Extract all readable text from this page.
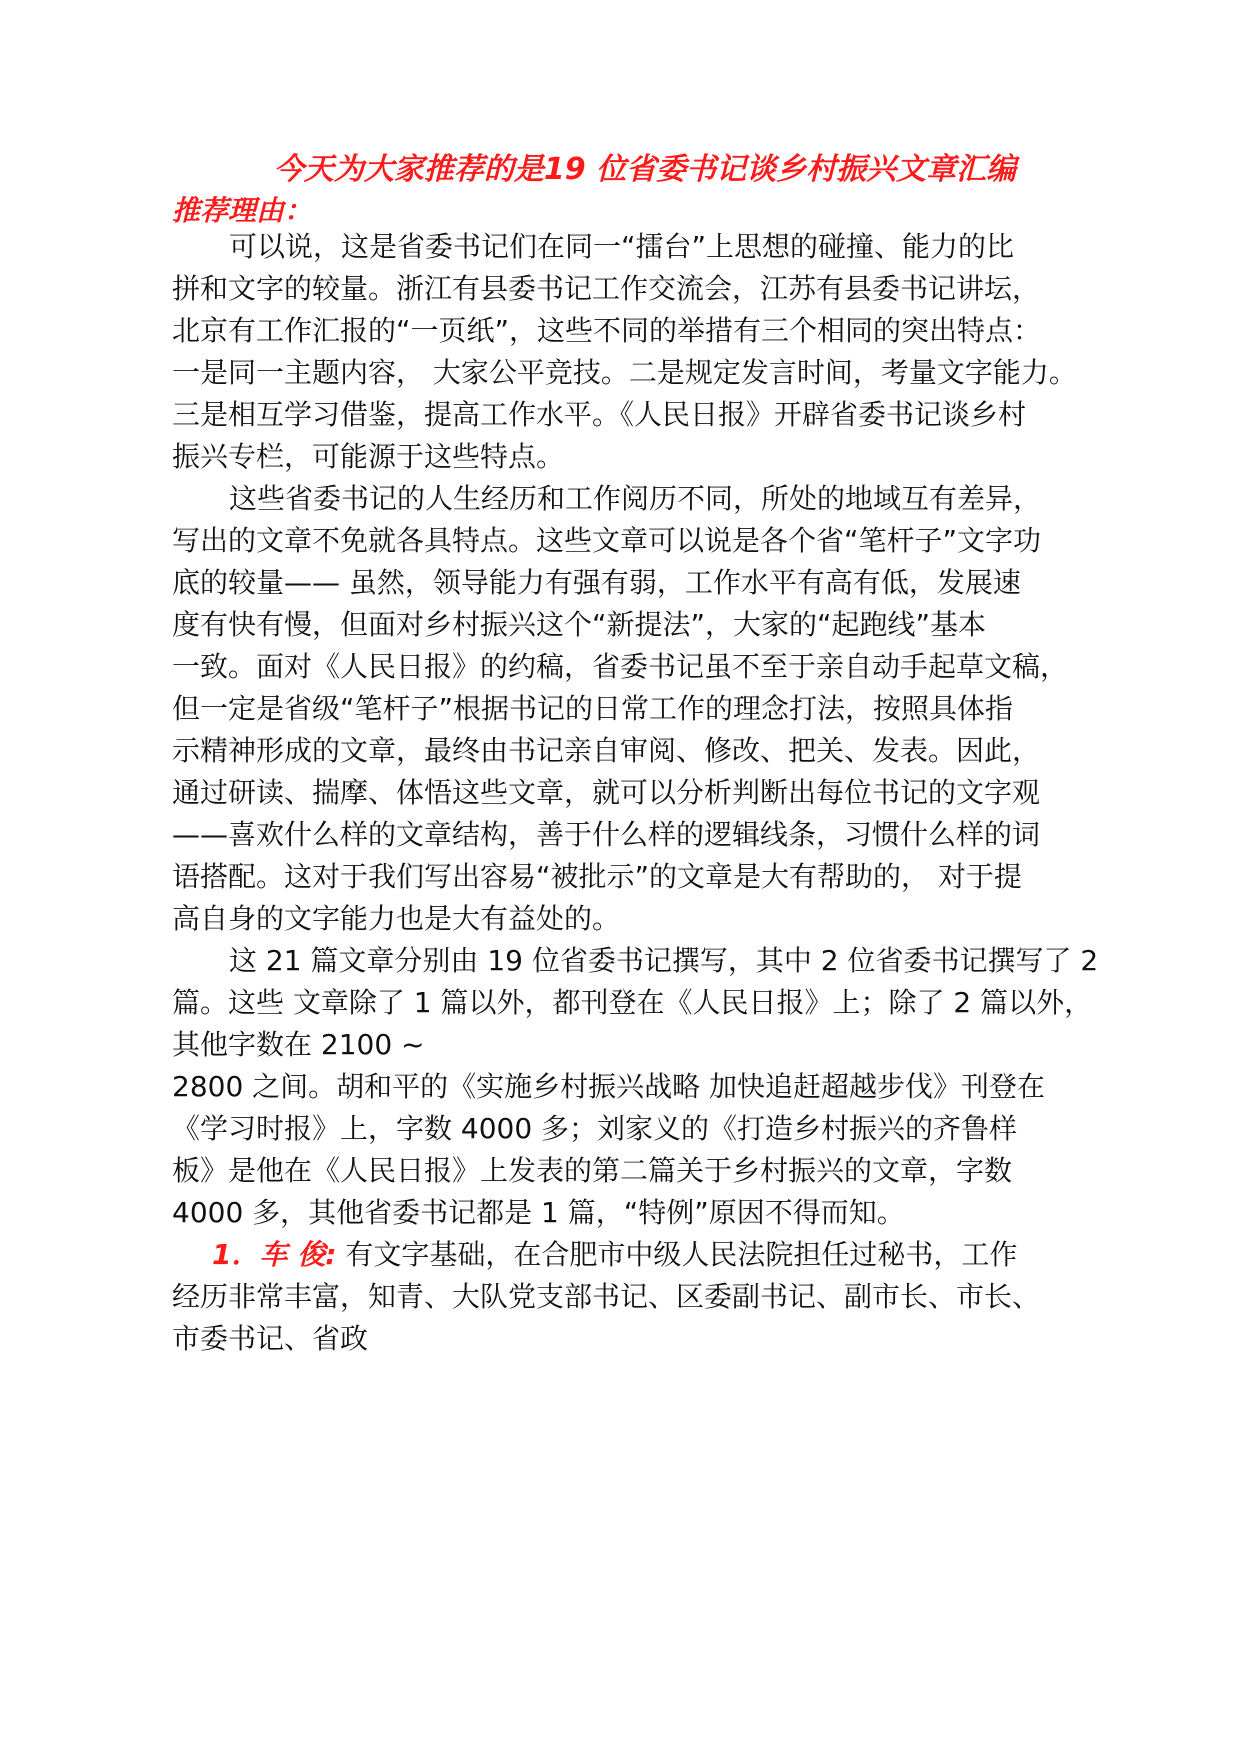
今天为大家推荐的是19 位省委书记谈乡村振兴文章汇编
推荐理由：

可以说，这是省委书记们在同一“擂台”上思想的碰撞、能力的比

拼和文字的较量。浙江有县委书记工作交流会，江苏有县委书记讲坛，

北京有工作汇报的“一页纸”，这些不同的举措有三个相同的突出特点：

一是同一主题内容， 大家公平竞技。二是规定发言时间，考量文字能力。

三是相互学习借鉴，提高工作水平。《人民日报》开辟省委书记谈乡村

振兴专栏，可能源于这些特点。

这些省委书记的人生经历和工作阅历不同，所处的地域互有差异，

写出的文章不免就各具特点。这些文章可以说是各个省“笔杆子”文字功

底的较量—— 虽然，领导能力有强有弱，工作水平有高有低，发展速

度有快有慢，但面对乡村振兴这个“新提法”，大家的“起跑线”基本

一致。面对《人民日报》的约稿，省委书记虽不至于亲自动手起草文稿，

但一定是省级“笔杆子”根据书记的日常工作的理念打法，按照具体指

示精神形成的文章，最终由书记亲自审阅、修改、把关、发表。因此，

通过研读、揣摩、体悟这些文章，就可以分析判断出每位书记的文字观

——喜欢什么样的文章结构，善于什么样的逻辑线条，习惯什么样的词

语搭配。这对于我们写出容易“被批示”的文章是大有帮助的， 对于提

高自身的文字能力也是大有益处的。

这 21 篇文章分别由 19 位省委书记撰写，其中 2 位省委书记撰写了 2

篇。这些 文章除了 1 篇以外，都刊登在《人民日报》上；除了 2 篇以外，

其他字数在 2100 ~

2800 之间。胡和平的《实施乡村振兴战略 加快追赶超越步伐》刊登在

《学习时报》上，字数 4000 多；刘家义的《打造乡村振兴的齐鲁样

板》是他在《人民日报》上发表的第二篇关于乡村振兴的文章，字数

4000 多，其他省委书记都是 1 篇，“特例”原因不得而知。

1．车 俊: 有文字基础，在合肥市中级人民法院担任过秘书，工作

经历非常丰富，知青、大队党支部书记、区委副书记、副市长、市长、

市委书记、省政
